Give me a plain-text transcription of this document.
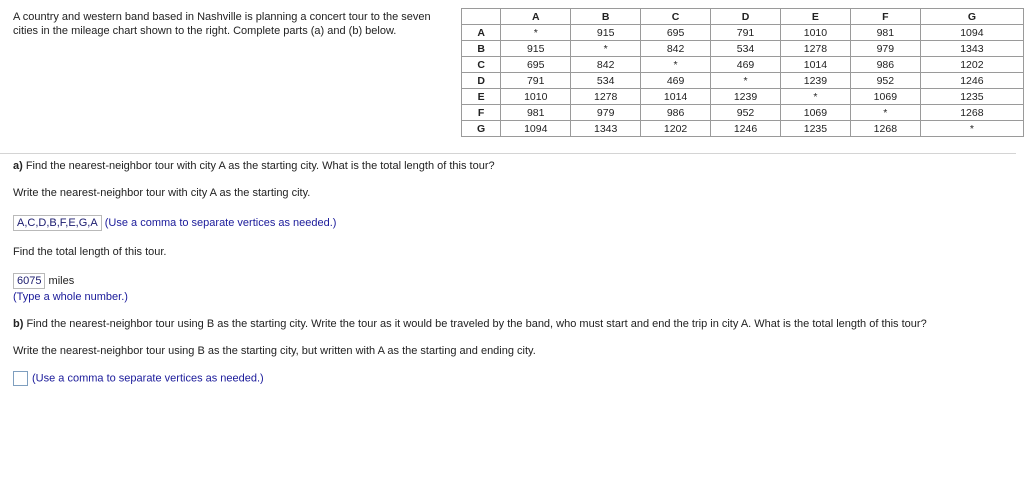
A country and western band based in Nashville is planning a concert tour to the seven cities in the mileage chart shown to the right. Complete parts (a) and (b) below.
	A	B	C	D	E	F	G
A	*	915	695	791	1010	981	1094
B	915	*	842	534	1278	979	1343
C	695	842	*	469	1014	986	1202
D	791	534	469	*	1239	952	1246
E	1010	1278	1014	1239	*	1069	1235
F	981	979	986	952	1069	*	1268
G	1094	1343	1202	1246	1235	1268	*
a) Find the nearest-neighbor tour with city A as the starting city. What is the total length of this tour?
Write the nearest-neighbor tour with city A as the starting city.
A,C,D,B,F,E,G,A (Use a comma to separate vertices as needed.)
Find the total length of this tour.
6075 miles
(Type a whole number.)
b) Find the nearest-neighbor tour using B as the starting city. Write the tour as it would be traveled by the band, who must start and end the trip in city A. What is the total length of this tour?
Write the nearest-neighbor tour using B as the starting city, but written with A as the starting and ending city.
(Use a comma to separate vertices as needed.)
